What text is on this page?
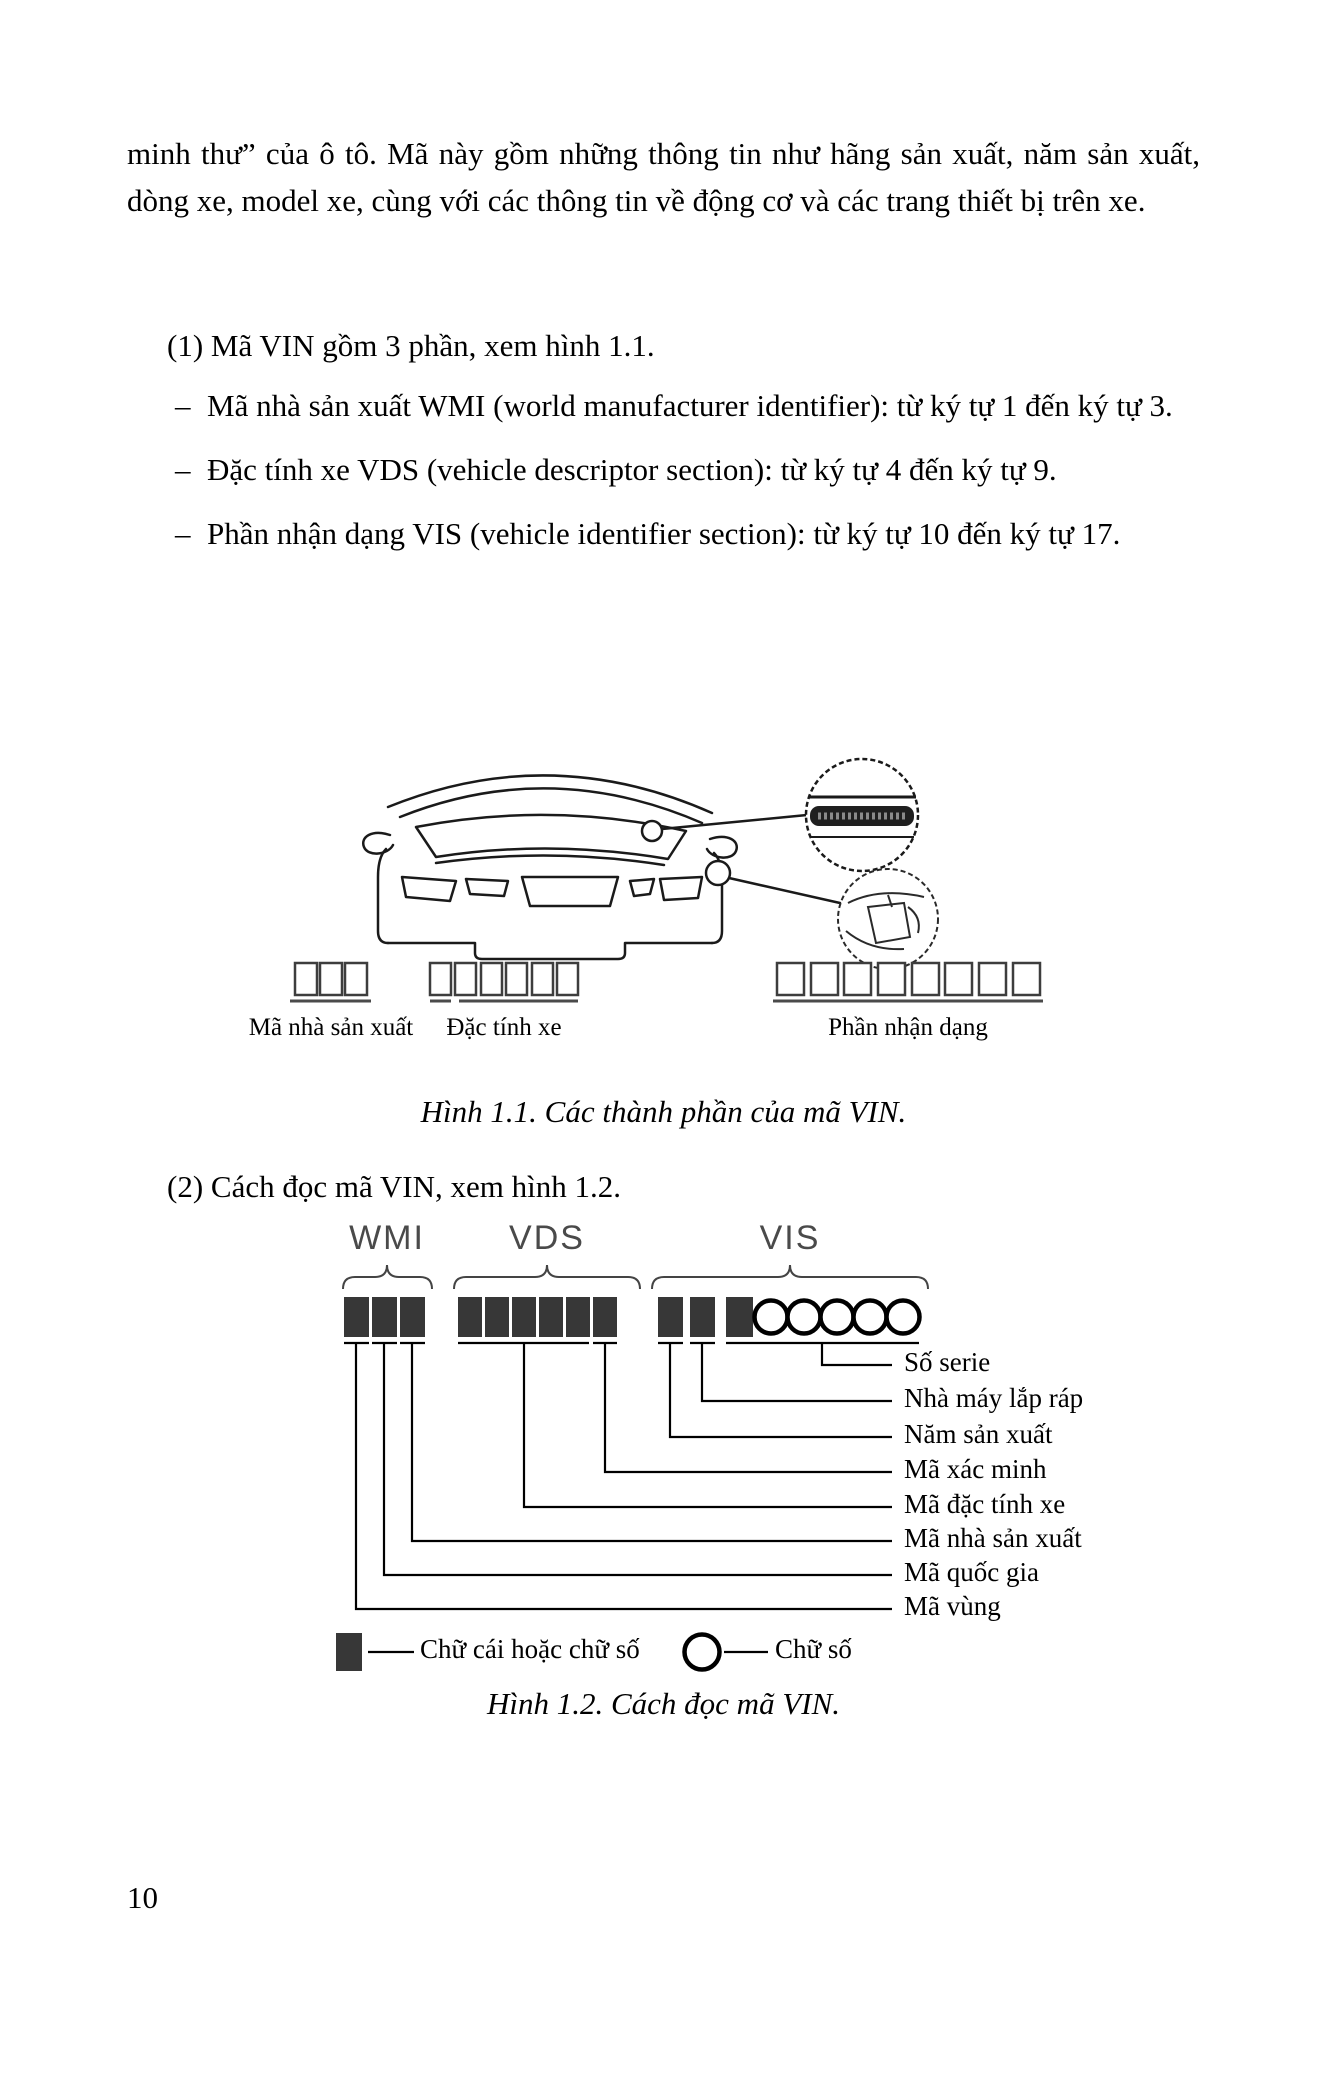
minh thư” của ô tô. Mã này gồm những thông tin như hãng sản xuất, năm sản xuất, dòng xe, model xe, cùng với các thông tin về động cơ và các trang thiết bị trên xe.

(1) Mã VIN gồm 3 phần, xem hình 1.1.

– Mã nhà sản xuất WMI (world manufacturer identifier): từ ký tự 1 đến ký tự 3.
– Đặc tính xe VDS (vehicle descriptor section): từ ký tự 4 đến ký tự 9.
– Phần nhận dạng VIS (vehicle identifier section): từ ký tự 10 đến ký tự 17.
Mã nhà sản xuất Đặc tính xe	Phần nhận dạng
Hình 1.1. Các thành phần của mã VIN.

(2) Cách đọc mã VIN, xem hình 1.2.

WMI VDS	VIS
Số serie
Nhà máy lắp ráp
Năm sản xuất
Mã xác minh
Mã đặc tính xe
Mã nhà sản xuất
Mã quốc gia
Mã vùng
Chữ cái hoặc chữ số	Chữ số
Hình 1.2. Cách đọc mã VIN.
10
